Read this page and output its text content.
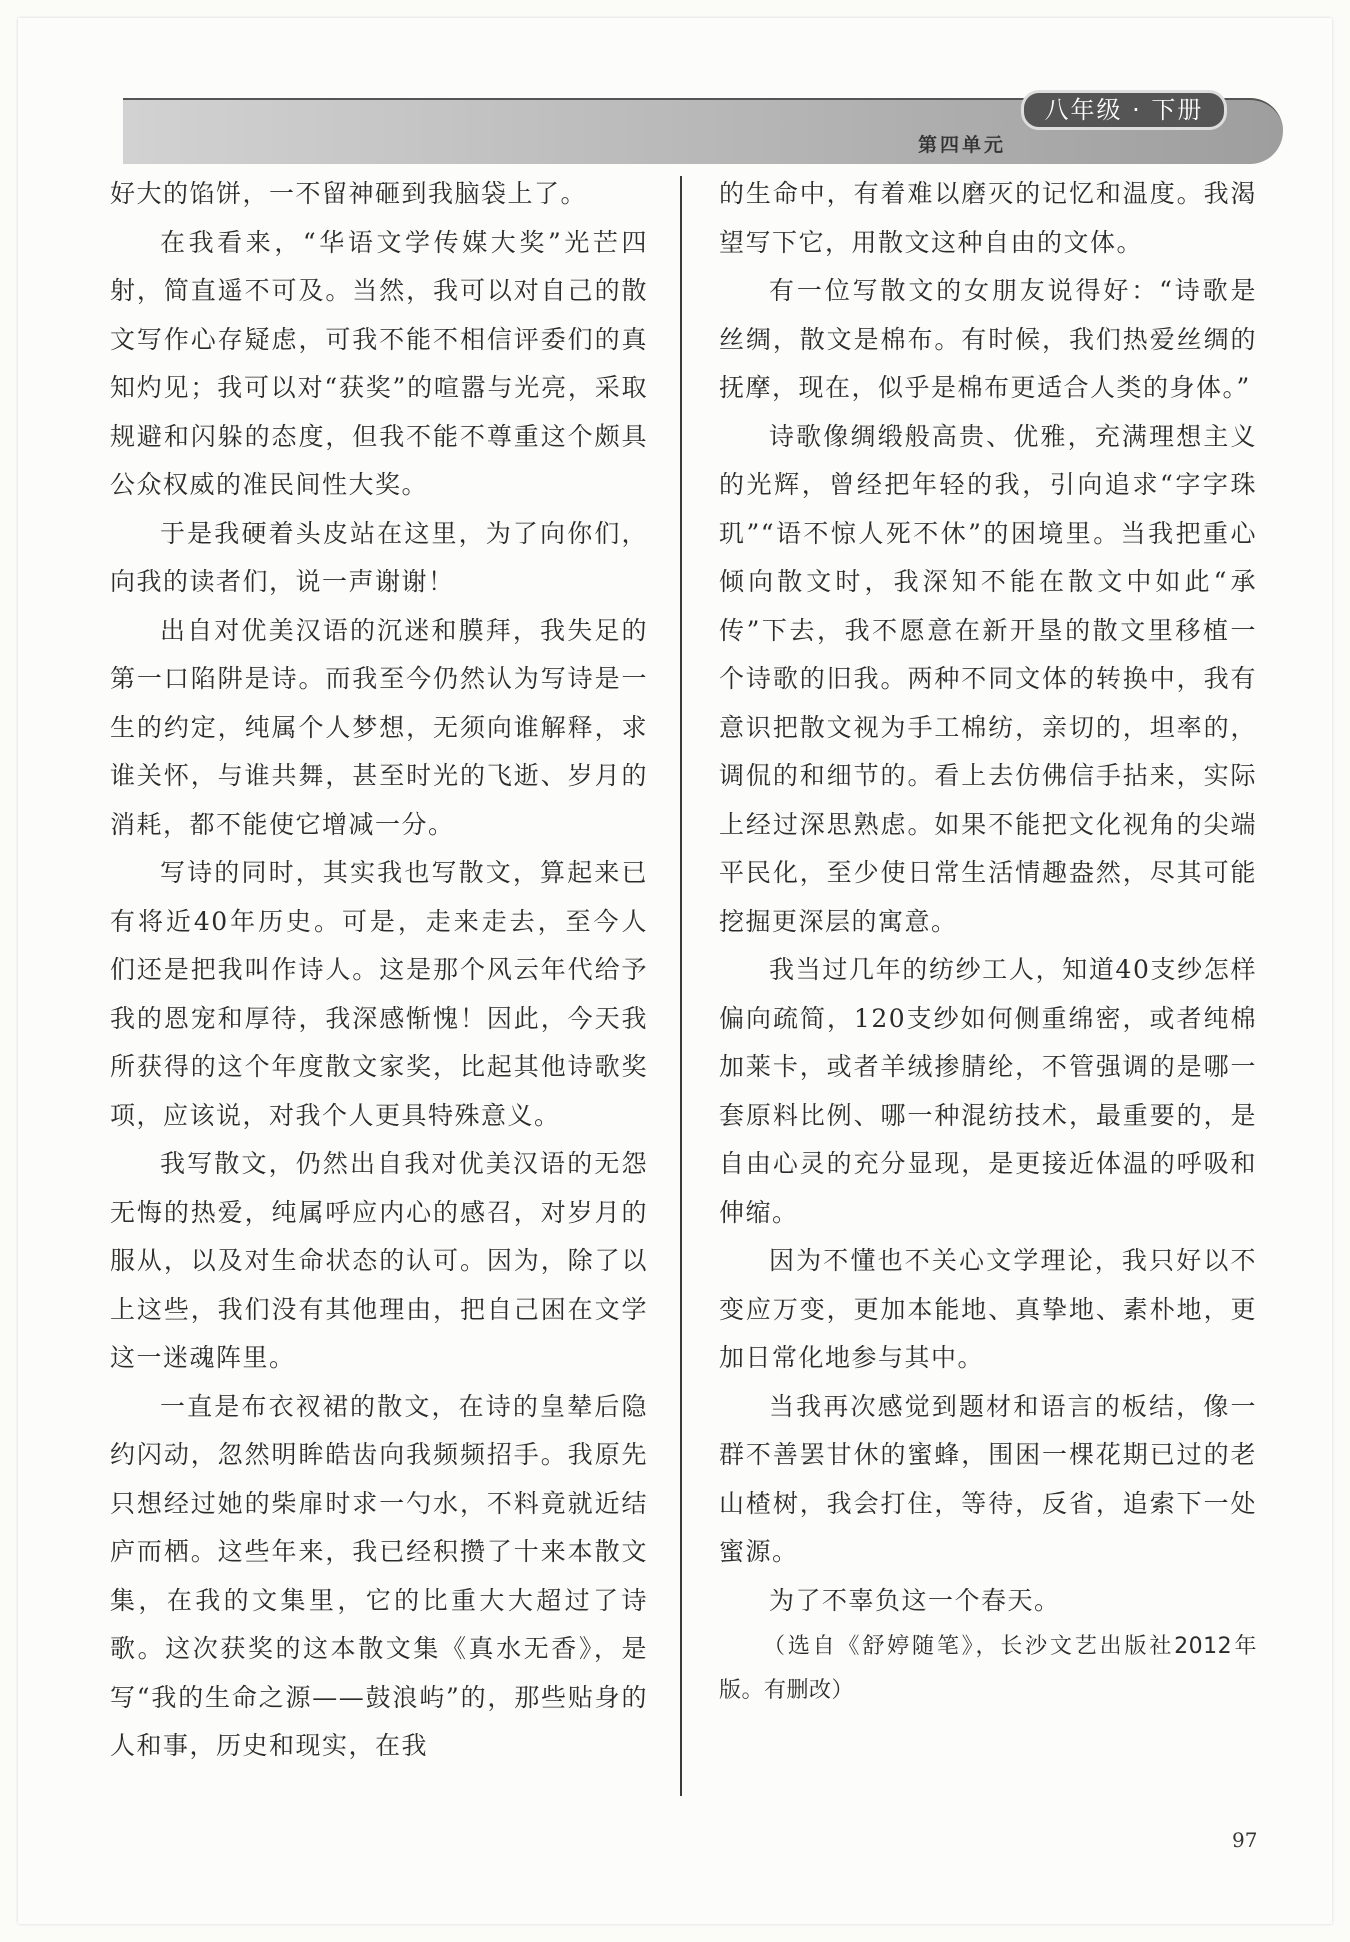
八年级 · 下册
第四单元

好大的馅饼，一不留神砸到我脑袋上了。

在我看来，“华语文学传媒大奖”光芒四射，简直遥不可及。当然，我可以对自己的散文写作心存疑虑，可我不能不相信评委们的真知灼见；我可以对“获奖”的喧嚣与光亮，采取规避和闪躲的态度，但我不能不尊重这个颇具公众权威的准民间性大奖。

于是我硬着头皮站在这里，为了向你们，向我的读者们，说一声谢谢！

出自对优美汉语的沉迷和膜拜，我失足的第一口陷阱是诗。而我至今仍然认为写诗是一生的约定，纯属个人梦想，无须向谁解释，求谁关怀，与谁共舞，甚至时光的飞逝、岁月的消耗，都不能使它增减一分。

写诗的同时，其实我也写散文，算起来已有将近40年历史。可是，走来走去，至今人们还是把我叫作诗人。这是那个风云年代给予我的恩宠和厚待，我深感惭愧！因此，今天我所获得的这个年度散文家奖，比起其他诗歌奖项，应该说，对我个人更具特殊意义。

我写散文，仍然出自我对优美汉语的无怨无悔的热爱，纯属呼应内心的感召，对岁月的服从，以及对生命状态的认可。因为，除了以上这些，我们没有其他理由，把自己困在文学这一迷魂阵里。

一直是布衣衩裙的散文，在诗的皇辇后隐约闪动，忽然明眸皓齿向我频频招手。我原先只想经过她的柴扉时求一勺水，不料竟就近结庐而栖。这些年来，我已经积攒了十来本散文集，在我的文集里，它的比重大大超过了诗歌。这次获奖的这本散文集《真水无香》，是写“我的生命之源——鼓浪屿”的，那些贴身的人和事，历史和现实，在我

的生命中，有着难以磨灭的记忆和温度。我渴望写下它，用散文这种自由的文体。

有一位写散文的女朋友说得好：“诗歌是丝绸，散文是棉布。有时候，我们热爱丝绸的抚摩，现在，似乎是棉布更适合人类的身体。”

诗歌像绸缎般高贵、优雅，充满理想主义的光辉，曾经把年轻的我，引向追求“字字珠玑”“语不惊人死不休”的困境里。当我把重心倾向散文时，我深知不能在散文中如此“承传”下去，我不愿意在新开垦的散文里移植一个诗歌的旧我。两种不同文体的转换中，我有意识把散文视为手工棉纺，亲切的，坦率的，调侃的和细节的。看上去仿佛信手拈来，实际上经过深思熟虑。如果不能把文化视角的尖端平民化，至少使日常生活情趣盎然，尽其可能挖掘更深层的寓意。

我当过几年的纺纱工人，知道40支纱怎样偏向疏简，120支纱如何侧重绵密，或者纯棉加莱卡，或者羊绒掺腈纶，不管强调的是哪一套原料比例、哪一种混纺技术，最重要的，是自由心灵的充分显现，是更接近体温的呼吸和伸缩。

因为不懂也不关心文学理论，我只好以不变应万变，更加本能地、真挚地、素朴地，更加日常化地参与其中。

当我再次感觉到题材和语言的板结，像一群不善罢甘休的蜜蜂，围困一棵花期已过的老山楂树，我会打住，等待，反省，追索下一处蜜源。

为了不辜负这一个春天。

（选自《舒婷随笔》，长沙文艺出版社2012年版。有删改）

97
